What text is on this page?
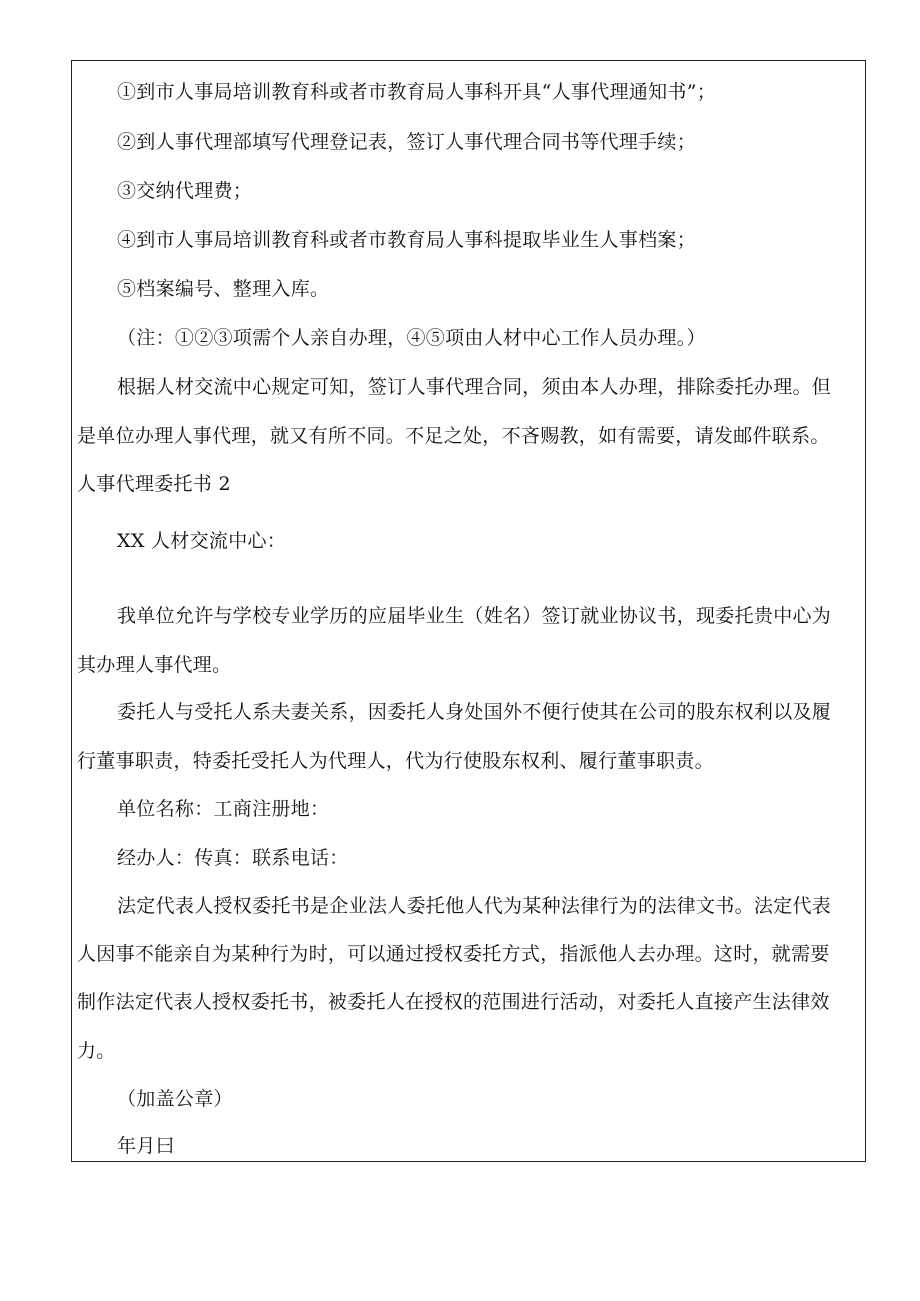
①到市人事局培训教育科或者市教育局人事科开具“人事代理通知书”；
②到人事代理部填写代理登记表，签订人事代理合同书等代理手续；
③交纳代理费；
④到市人事局培训教育科或者市教育局人事科提取毕业生人事档案；
⑤档案编号、整理入库。
（注：①②③项需个人亲自办理，④⑤项由人材中心工作人员办理。）
根据人材交流中心规定可知，签订人事代理合同，须由本人办理，排除委托办理。但
是单位办理人事代理，就又有所不同。不足之处，不吝赐教，如有需要，请发邮件联系。
人事代理委托书 2
XX 人材交流中心：
我单位允许与学校专业学历的应届毕业生（姓名）签订就业协议书，现委托贵中心为
其办理人事代理。
委托人与受托人系夫妻关系，因委托人身处国外不便行使其在公司的股东权利以及履
行董事职责，特委托受托人为代理人，代为行使股东权利、履行董事职责。
单位名称：工商注册地：
经办人：传真：联系电话：
法定代表人授权委托书是企业法人委托他人代为某种法律行为的法律文书。法定代表
人因事不能亲自为某种行为时，可以通过授权委托方式，指派他人去办理。这时，就需要
制作法定代表人授权委托书，被委托人在授权的范围进行活动，对委托人直接产生法律效
力。
（加盖公章）
年月曰
